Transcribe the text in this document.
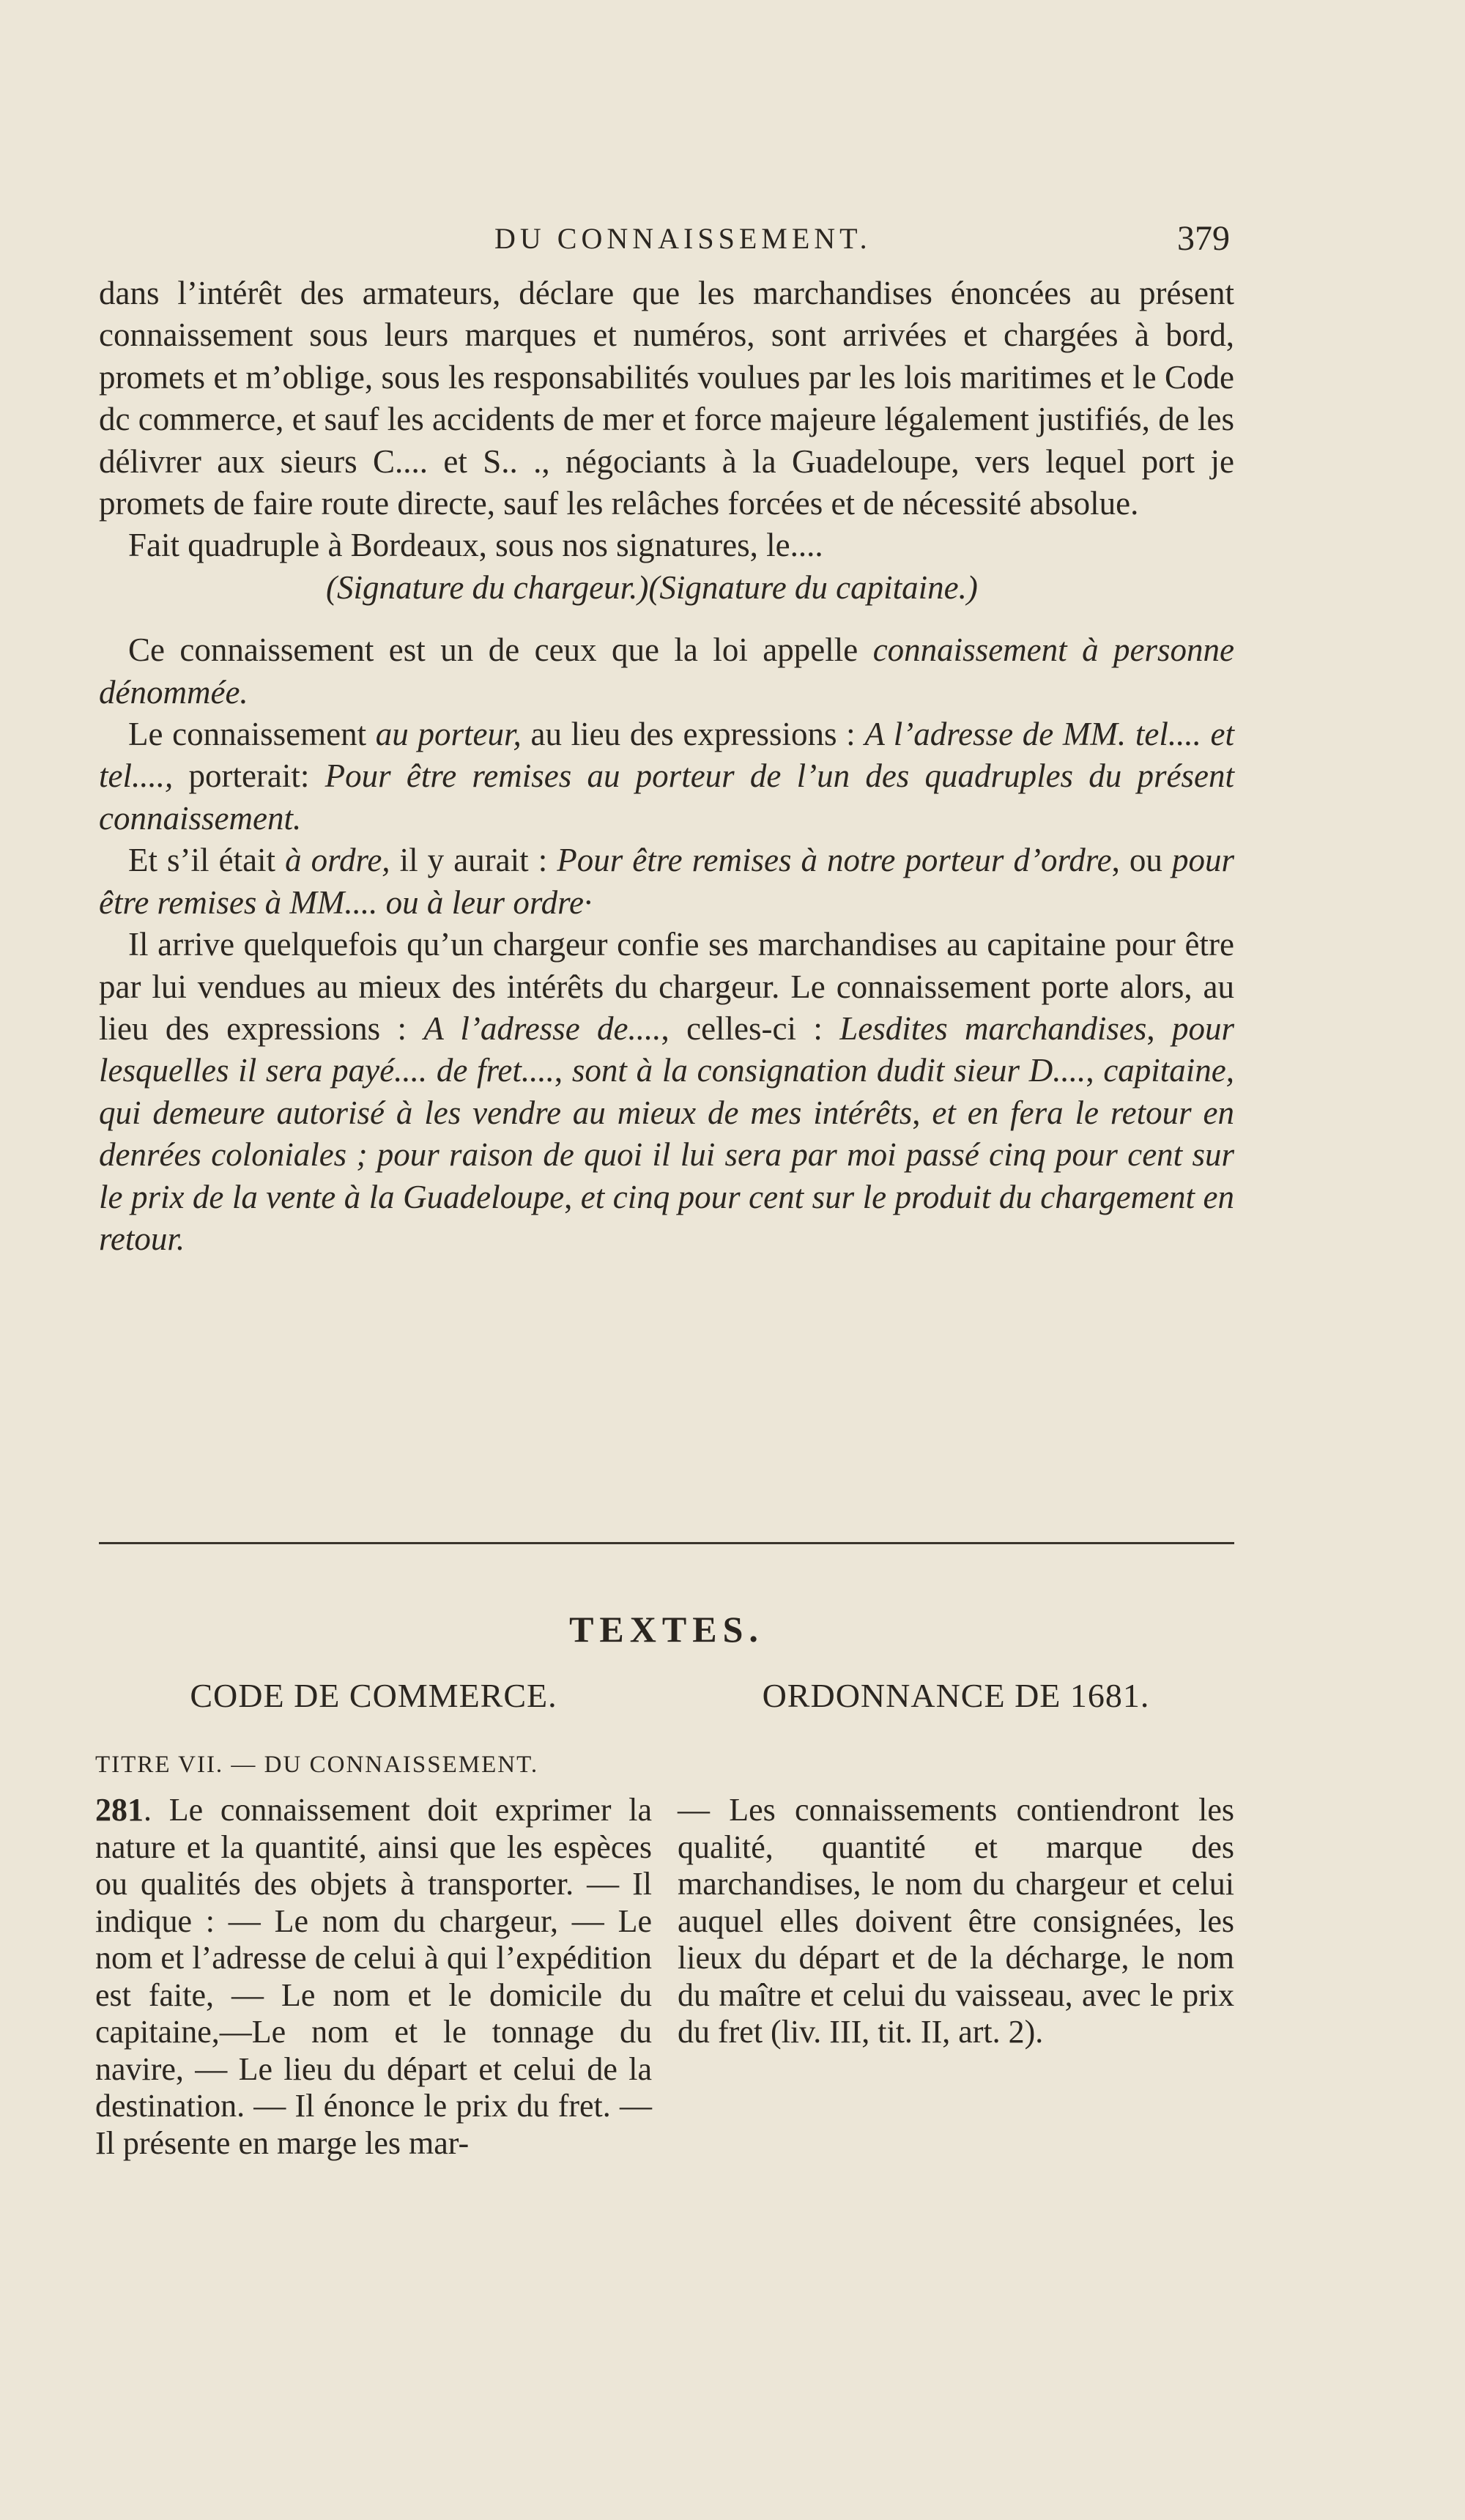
DU CONNAISSEMENT.	379

dans l’intérêt des armateurs, déclare que les marchandises énoncées au présent connaissement sous leurs marques et numéros, sont arrivées et chargées à bord, promets et m’oblige, sous les responsabilités voulues par les lois maritimes et le Code dc commerce, et sauf les accidents de mer et force majeure légalement justifiés, de les délivrer aux sieurs C.... et S.. ., négociants à la Guadeloupe, vers lequel port je promets de faire route directe, sauf les relâches forcées et de nécessité absolue.

Fait quadruple à Bordeaux, sous nos signatures, le....

(Signature du chargeur.)(Signature du capitaine.)

Ce connaissement est un de ceux que la loi appelle connaissement à personne dénommée.

Le connaissement au porteur, au lieu des expressions : A l’adresse de MM. tel.... et tel...., porterait: Pour être remises au porteur de l’un des quadruples du présent connaissement.

Et s’il était à ordre, il y aurait : Pour être remises à notre porteur d’ordre, ou pour être remises à MM.... ou à leur ordre·

Il arrive quelquefois qu’un chargeur confie ses marchandises au capitaine pour être par lui vendues au mieux des intérêts du chargeur. Le connaissement porte alors, au lieu des expressions : A l’adresse de...., celles-ci : Lesdites marchandises, pour lesquelles il sera payé.... de fret...., sont à la consignation dudit sieur D...., capitaine, qui demeure autorisé à les vendre au mieux de mes intérêts, et en fera le retour en denrées coloniales ; pour raison de quoi il lui sera par moi passé cinq pour cent sur le prix de la vente à la Guadeloupe, et cinq pour cent sur le produit du chargement en retour.

TEXTES.
CODE DE COMMERCE.

TITRE VII. — DU CONNAISSEMENT.

281. Le connaissement doit exprimer la nature et la quantité, ainsi que les espèces ou qualités des objets à transporter. — Il indique : — Le nom du chargeur, — Le nom et l’adresse de celui à qui l’expédition est faite, — Le nom et le domicile du capitaine,—Le nom et le tonnage du navire, — Le lieu du départ et celui de la destination. — Il énonce le prix du fret. — Il présente en marge les mar-

ORDONNANCE DE 1681.

— Les connaissements contiendront les qualité, quantité et marque des marchandises, le nom du chargeur et celui auquel elles doivent être consignées, les lieux du départ et de la décharge, le nom du maître et celui du vaisseau, avec le prix du fret (liv. III, tit. II, art. 2).
